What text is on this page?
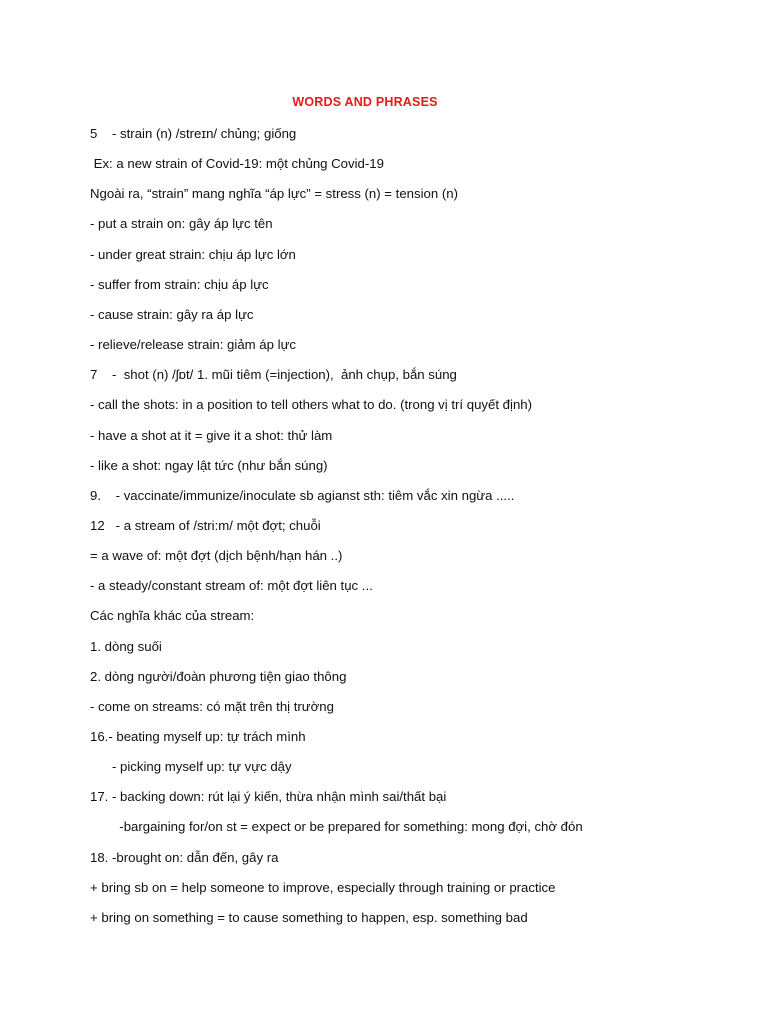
WORDS AND PHRASES
5    - strain (n) /streɪn/ chủng; giống
Ex: a new strain of Covid-19: một chủng Covid-19
Ngoài ra, “strain” mang nghĩa “áp lực” = stress (n) = tension (n)
- put a strain on: gây áp lực tên
- under great strain: chịu áp lực lớn
- suffer from strain: chịu áp lực
- cause strain: gây ra áp lực
- relieve/release strain: giảm áp lực
7    -  shot (n) /ʃɒt/ 1. mũi tiêm (=injection),  ảnh chụp, bắn súng
- call the shots: in a position to tell others what to do. (trong vị trí quyết định)
- have a shot at it = give it a shot: thử làm
- like a shot: ngay lật tức (như bắn súng)
9.    - vaccinate/immunize/inoculate sb agianst sth: tiêm vắc xin ngừa .....
12   - a stream of /stri:m/ một đợt; chuỗi
= a wave of: một đợt (dịch bệnh/hạn hán ..)
- a steady/constant stream of: một đợt liên tục ...
Các nghĩa khác của stream:
1. dòng suối
2. dòng người/đoàn phương tiện giao thông
- come on streams: có mặt trên thị trường
16.- beating myself up: tự trách mình
- picking myself up: tự vực dậy
17. - backing down: rút lại ý kiến, thừa nhận mình sai/thất bại
-bargaining for/on st = expect or be prepared for something: mong đợi, chờ đón
18. -brought on: dẫn đến, gây ra
+ bring sb on = help someone to improve, especially through training or practice
+ bring on something = to cause something to happen, esp. something bad
